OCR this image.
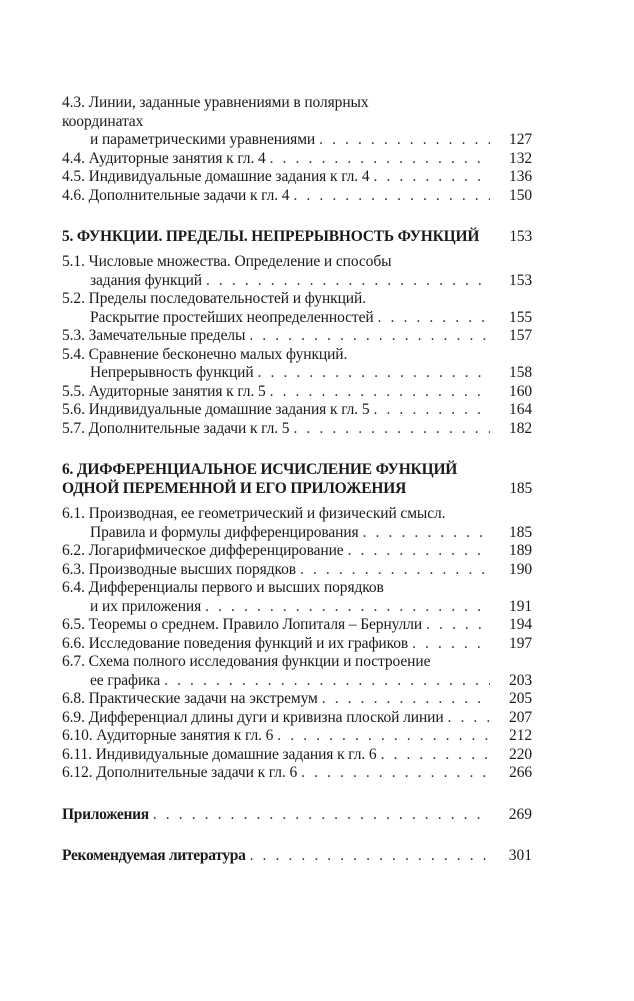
4.3. Линии, заданные уравнениями в полярных координатах
и параметрическими уравнениями . . .	127
4.4. Аудиторные занятия к гл. 4 . . .	132
4.5. Индивидуальные домашние задания к гл. 4 . . .	136
4.6. Дополнительные задачи к гл. 4 . . .	150
5. ФУНКЦИИ. ПРЕДЕЛЫ. НЕПРЕРЫВНОСТЬ ФУНКЦИЙ 153
5.1. Числовые множества. Определение и способы
задания функций . . .	153
5.2. Пределы последовательностей и функций.
Раскрытие простейших неопределенностей . . .	155
5.3. Замечательные пределы . . .	157
5.4. Сравнение бесконечно малых функций.
Непрерывность функций . . .	158
5.5. Аудиторные занятия к гл. 5 . . .	160
5.6. Индивидуальные домашние задания к гл. 5 . . .	164
5.7. Дополнительные задачи к гл. 5 . . .	182
6. ДИФФЕРЕНЦИАЛЬНОЕ ИСЧИСЛЕНИЕ ФУНКЦИЙ ОДНОЙ ПЕРЕМЕННОЙ И ЕГО ПРИЛОЖЕНИЯ	185
6.1. Производная, ее геометрический и физический смысл.
Правила и формулы дифференцирования . . .	185
6.2. Логарифмическое дифференцирование . . .	189
6.3. Производные высших порядков . . .	190
6.4. Дифференциалы первого и высших порядков
и их приложения . . .	191
6.5. Теоремы о среднем. Правило Лопиталя – Бернулли . . .	194
6.6. Исследование поведения функций и их графиков . . .	197
6.7. Схема полного исследования функции и построение
ее графика . . .	203
6.8. Практические задачи на экстремум . . .	205
6.9. Дифференциал длины дуги и кривизна плоской линии . . .	207
6.10. Аудиторные занятия к гл. 6 . . .	212
6.11. Индивидуальные домашние задания к гл. 6 . . .	220
6.12. Дополнительные задачи к гл. 6 . . .	266
Приложения . . .	269
Рекомендуемая литература . . .	301
